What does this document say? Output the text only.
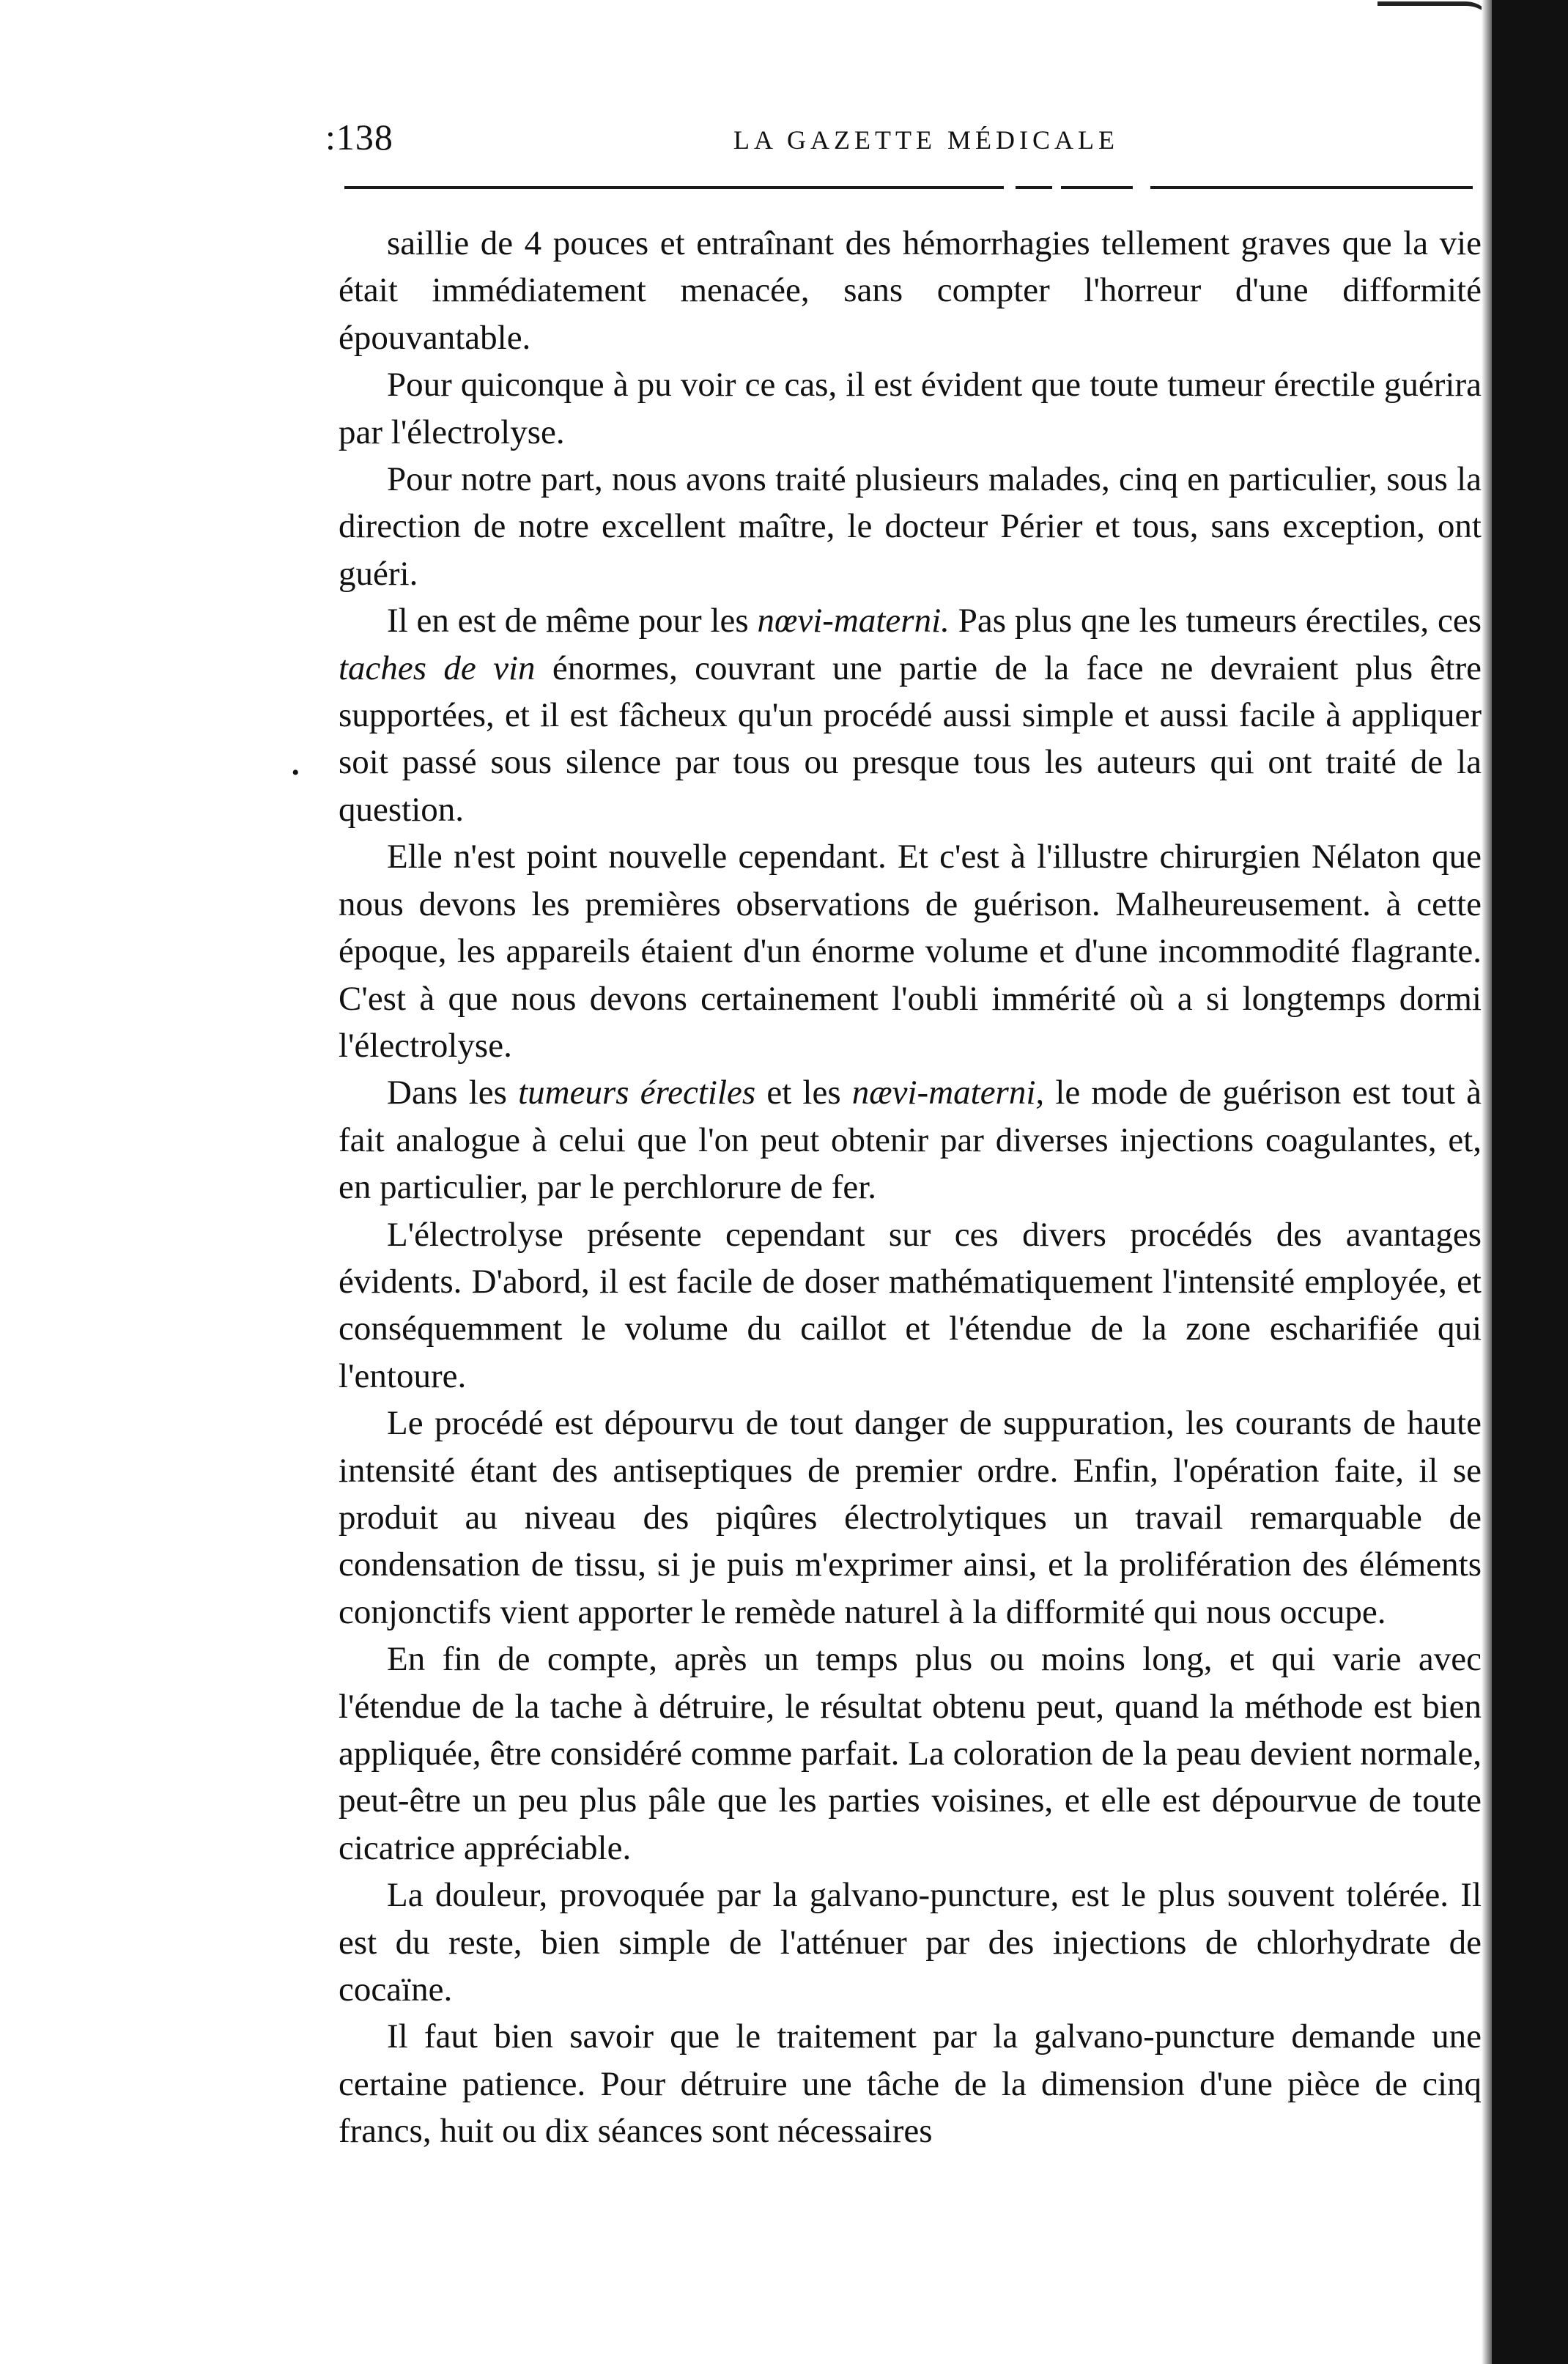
:138	LA GAZETTE MÉDICALE
•

saillie de 4 pouces et entraînant des hémorrhagies tellement graves que la vie était immédiatement menacée, sans compter l'horreur d'une difformité épouvantable.

Pour quiconque à pu voir ce cas, il est évident que toute tumeur érectile guérira par l'électrolyse.

Pour notre part, nous avons traité plusieurs malades, cinq en particulier, sous la direction de notre excellent maître, le docteur Périer et tous, sans exception, ont guéri.

Il en est de même pour les nœvi-materni. Pas plus qne les tumeurs érectiles, ces taches de vin énormes, couvrant une partie de la face ne devraient plus être supportées, et il est fâcheux qu'un procédé aussi simple et aussi facile à appliquer soit passé sous silence par tous ou presque tous les auteurs qui ont traité de la question.

Elle n'est point nouvelle cependant. Et c'est à l'illustre chirurgien Nélaton que nous devons les premières observations de guérison. Malheureusement. à cette époque, les appareils étaient d'un énorme volume et d'une incommodité flagrante. C'est à que nous devons certainement l'oubli immérité où a si longtemps dormi l'électrolyse.

Dans les tumeurs érectiles et les nævi-materni, le mode de guérison est tout à fait analogue à celui que l'on peut obtenir par diverses injections coagulantes, et, en particulier, par le perchlorure de fer.

L'électrolyse présente cependant sur ces divers procédés des avantages évidents. D'abord, il est facile de doser mathématiquement l'intensité employée, et conséquemment le volume du caillot et l'étendue de la zone escharifiée qui l'entoure.

Le procédé est dépourvu de tout danger de suppuration, les courants de haute intensité étant des antiseptiques de premier ordre. Enfin, l'opération faite, il se produit au niveau des piqûres électrolytiques un travail remarquable de condensation de tissu, si je puis m'exprimer ainsi, et la prolifération des éléments conjonctifs vient apporter le remède naturel à la difformité qui nous occupe.

En fin de compte, après un temps plus ou moins long, et qui varie avec l'étendue de la tache à détruire, le résultat obtenu peut, quand la méthode est bien appliquée, être considéré comme parfait. La coloration de la peau devient normale, peut-être un peu plus pâle que les parties voisines, et elle est dépourvue de toute cicatrice appréciable.

La douleur, provoquée par la galvano-puncture, est le plus souvent tolérée. Il est du reste, bien simple de l'atténuer par des injections de chlorhydrate de cocaïne.

Il faut bien savoir que le traitement par la galvano-puncture demande une certaine patience. Pour détruire une tâche de la dimension d'une pièce de cinq francs, huit ou dix séances sont nécessaires
